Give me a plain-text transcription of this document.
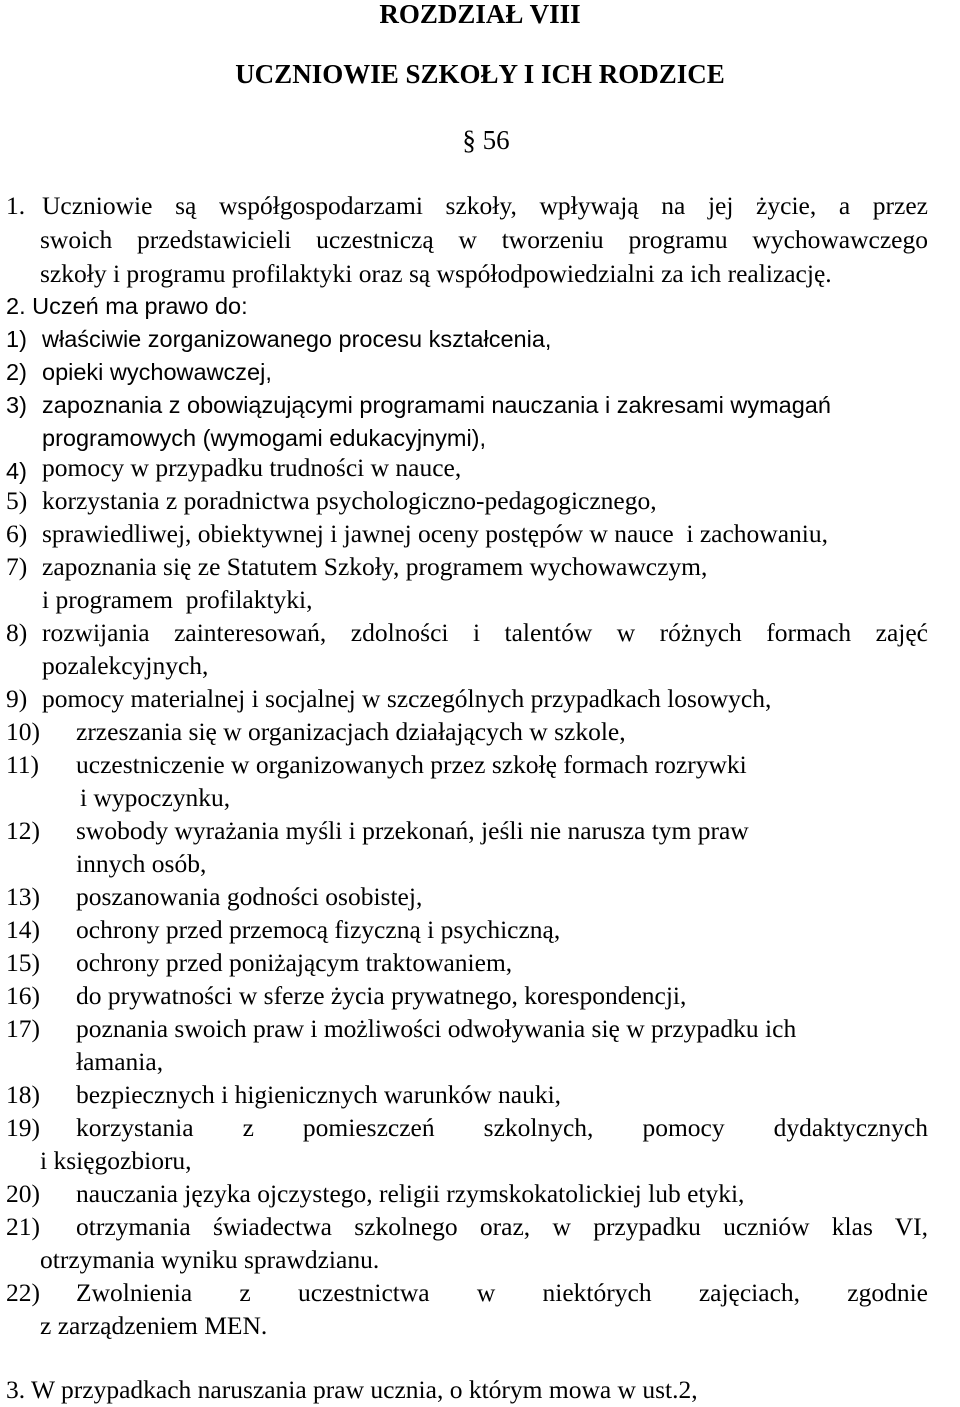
ROZDZIAŁ VIII
UCZNIOWIE SZKOŁY I ICH RODZICE
§ 56
1. Uczniowie są współgospodarzami szkoły, wpływają na jej życie, a przez
swoich przedstawicieli uczestniczą w tworzeniu programu wychowawczego
szkoły i programu profilaktyki oraz są współodpowiedzialni za ich realizację.
2. Uczeń ma prawo do:
1) właściwie zorganizowanego procesu kształcenia,
2) opieki wychowawczej,
3) zapoznania z obowiązującymi programami nauczania i zakresami wymagań
programowych (wymogami edukacyjnymi),
4) pomocy w przypadku trudności w nauce,
5) korzystania z poradnictwa psychologiczno-pedagogicznego,
6) sprawiedliwej, obiektywnej i jawnej oceny postępów w nauce  i zachowaniu,
7) zapoznania się ze Statutem Szkoły, programem wychowawczym,
i programem  profilaktyki,
8) rozwijania zainteresowań, zdolności i talentów w różnych formach zajęć
pozalekcyjnych,
9) pomocy materialnej i socjalnej w szczególnych przypadkach losowych,
10) zrzeszania się w organizacjach działających w szkole,
11) uczestniczenie w organizowanych przez szkołę formach rozrywki
i wypoczynku,
12) swobody wyrażania myśli i przekonań, jeśli nie narusza tym praw
innych osób,
13) poszanowania godności osobistej,
14) ochrony przed przemocą fizyczną i psychiczną,
15) ochrony przed poniżającym traktowaniem,
16) do prywatności w sferze życia prywatnego, korespondencji,
17) poznania swoich praw i możliwości odwoływania się w przypadku ich
łamania,
18) bezpiecznych i higienicznych warunków nauki,
19) korzystania z pomieszczeń szkolnych, pomocy dydaktycznych
i księgozbioru,
20) nauczania języka ojczystego, religii rzymskokatolickiej lub etyki,
21) otrzymania świadectwa szkolnego oraz, w przypadku uczniów klas VI,
otrzymania wyniku sprawdzianu.
22) Zwolnienia z uczestnictwa w niektórych zajęciach, zgodnie
z zarządzeniem MEN.
3. W przypadkach naruszania praw ucznia, o którym mowa w ust.2,
